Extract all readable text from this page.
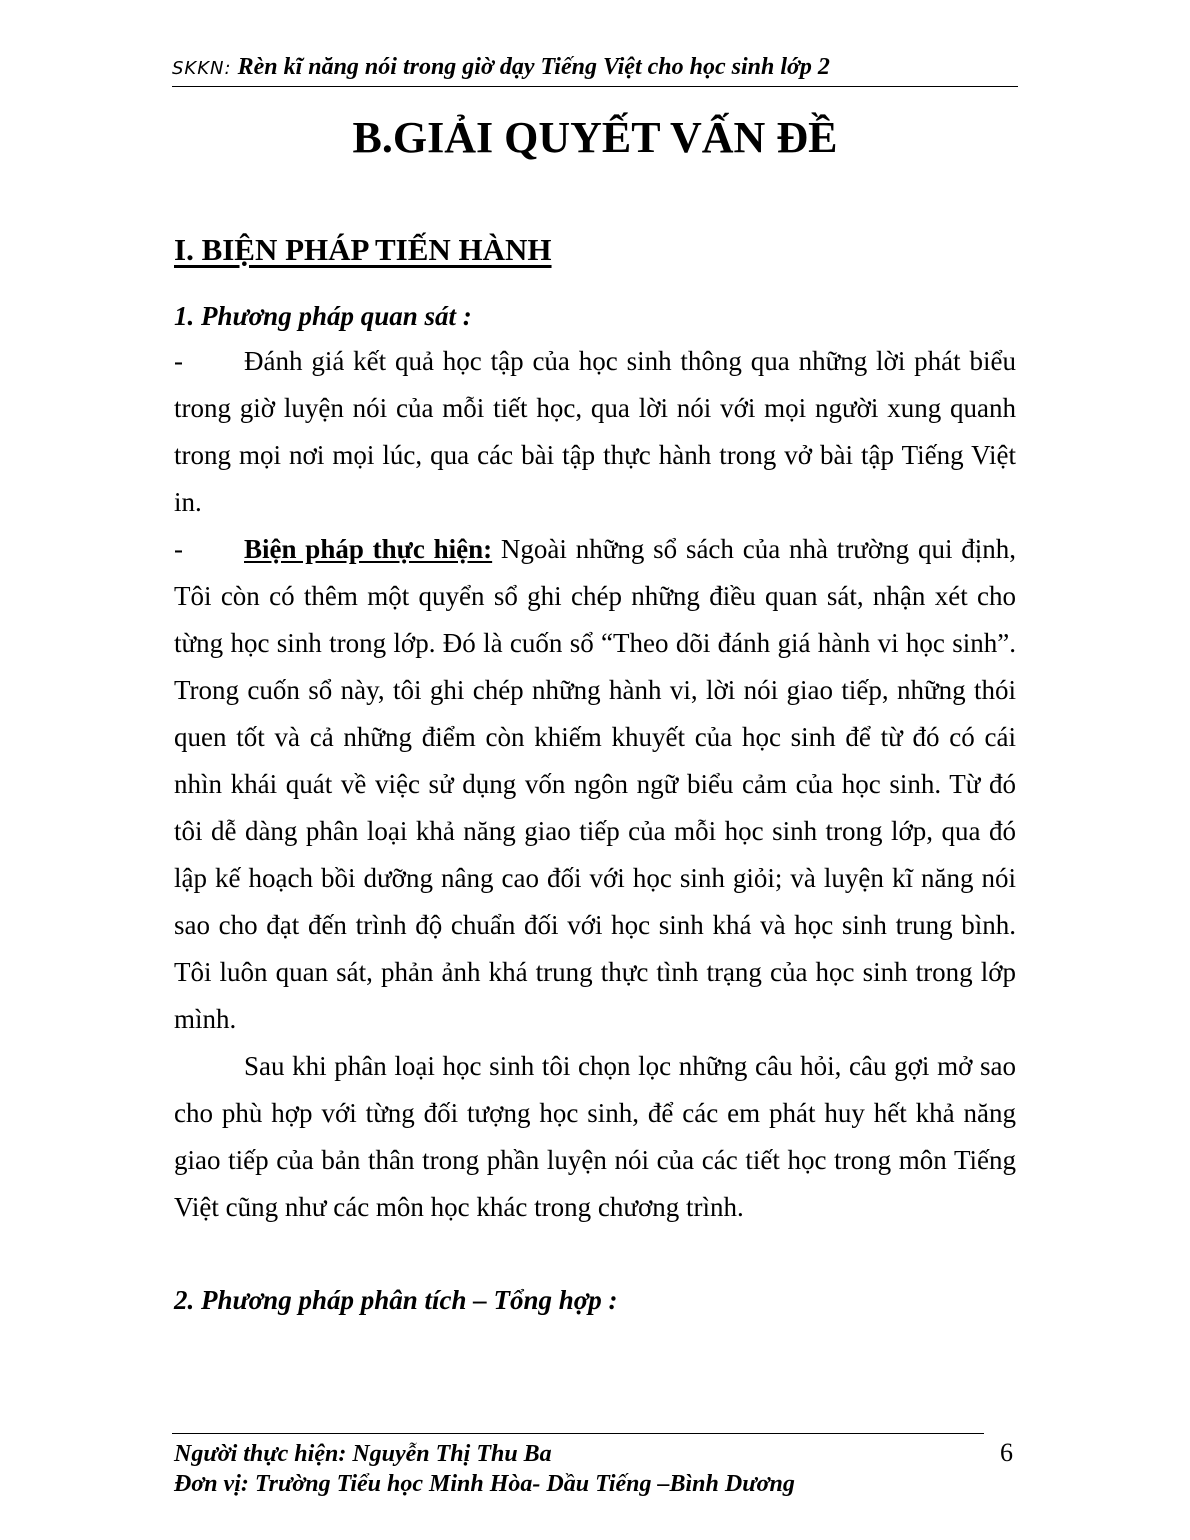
SKKN: Rèn kĩ năng nói trong giờ dạy Tiếng Việt cho học sinh lớp 2
B.GIẢI QUYẾT VẤN ĐỀ
I. BIỆN PHÁP TIẾN HÀNH
1. Phương pháp quan sát :
- Đánh giá kết quả học tập của học sinh thông qua những lời phát biểu trong giờ luyện nói của mỗi tiết học, qua lời nói với mọi người xung quanh trong mọi nơi mọi lúc, qua các bài tập thực hành trong vở bài tập Tiếng Việt in.
- Biện pháp thực hiện: Ngoài những sổ sách của nhà trường qui định, Tôi còn có thêm một quyển sổ ghi chép những điều quan sát, nhận xét cho từng học sinh trong lớp. Đó là cuốn sổ “Theo dõi đánh giá hành vi học sinh”. Trong cuốn sổ này, tôi ghi chép những hành vi, lời nói giao tiếp, những thói quen tốt và cả những điểm còn khiếm khuyết của học sinh để từ đó có cái nhìn khái quát về việc sử dụng vốn ngôn ngữ biểu cảm của học sinh. Từ đó tôi dễ dàng phân loại khả năng giao tiếp của mỗi học sinh trong lớp, qua đó lập kế hoạch bồi dưỡng nâng cao đối với học sinh giỏi; và luyện kĩ năng nói sao cho đạt đến trình độ chuẩn đối với học sinh khá và học sinh trung bình. Tôi luôn quan sát, phản ảnh khá trung thực tình trạng của học sinh trong lớp mình.
Sau khi phân loại học sinh tôi chọn lọc những câu hỏi, câu gợi mở sao cho phù hợp với từng đối tượng học sinh, để các em phát huy hết khả năng giao tiếp của bản thân trong phần luyện nói của các tiết học trong môn Tiếng Việt cũng như các môn học khác trong chương trình.
2. Phương pháp phân tích – Tổng hợp :
Người thực hiện: Nguyễn Thị Thu Ba
Đơn vị: Trường Tiểu học Minh Hòa- Dầu Tiếng –Bình Dương
6
